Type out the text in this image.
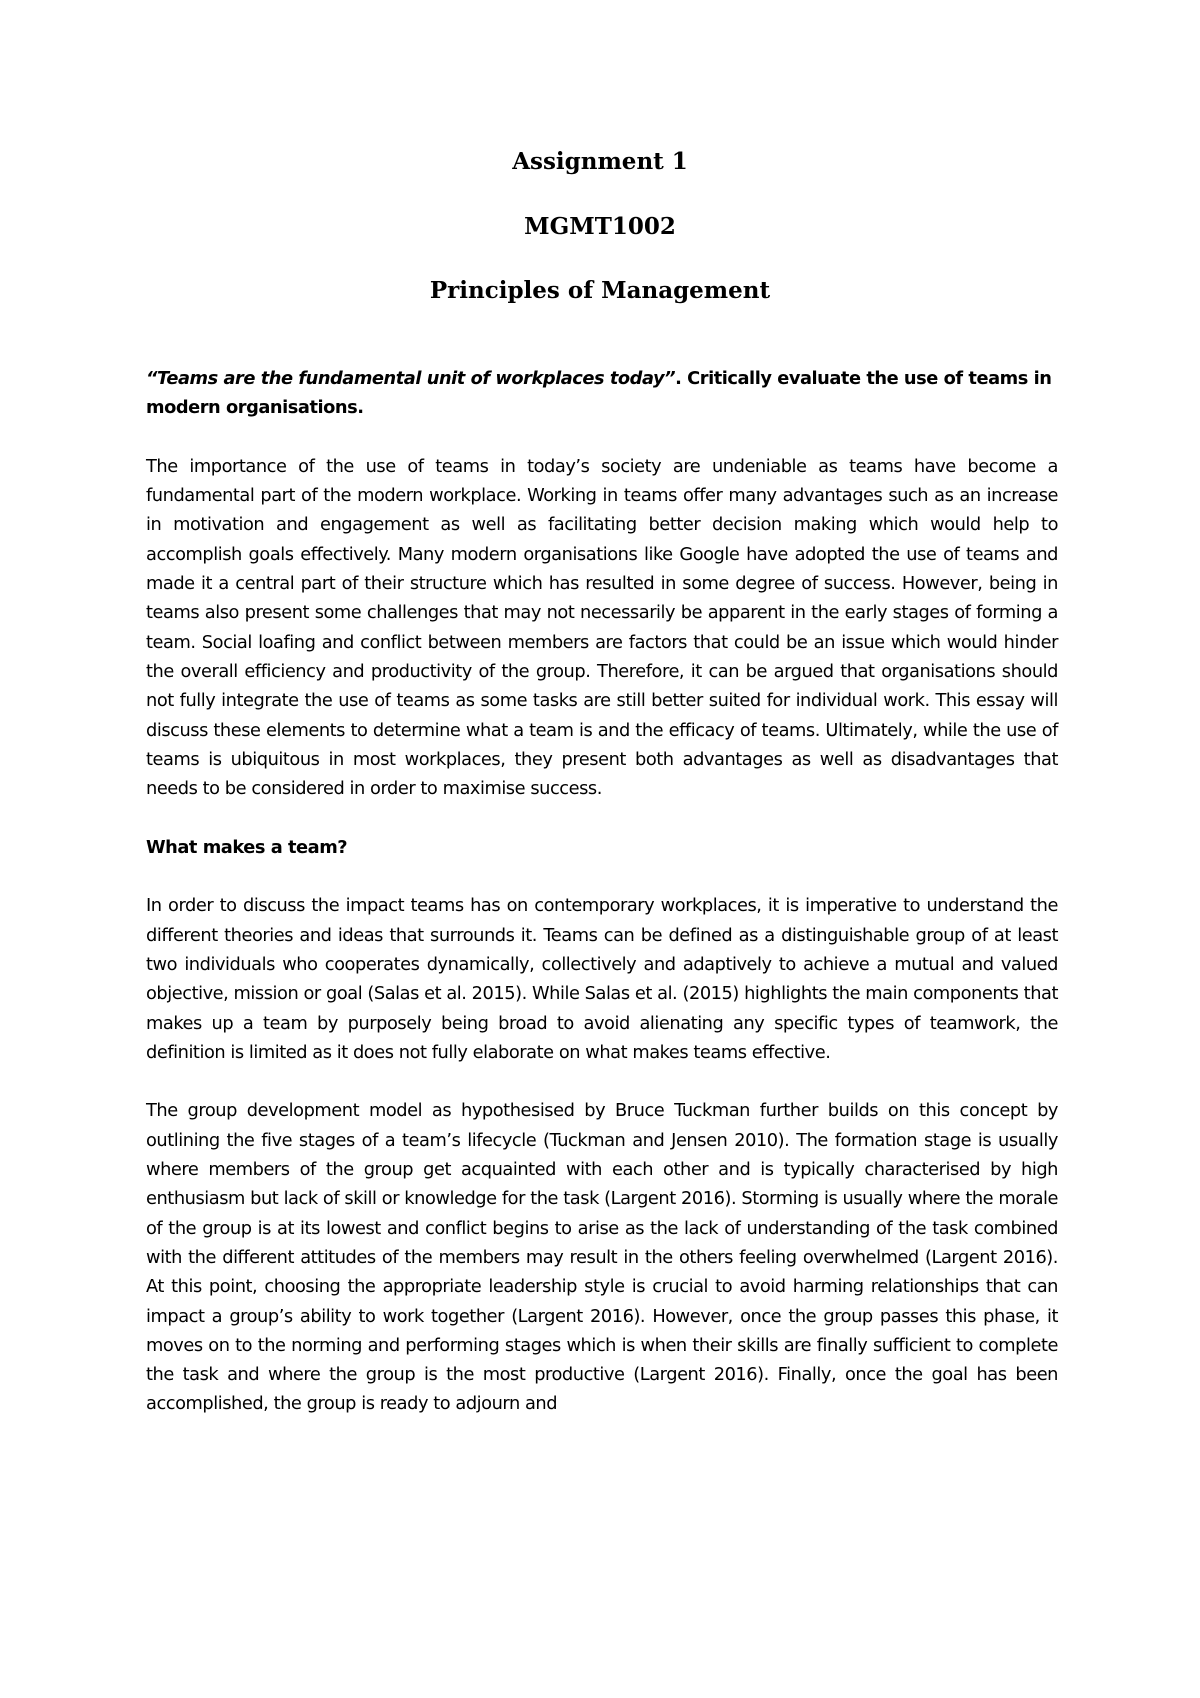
Assignment 1
MGMT1002
Principles of Management

“Teams are the fundamental unit of workplaces today”. Critically evaluate the use of teams in modern organisations.

The importance of the use of teams in today’s society are undeniable as teams have become a fundamental part of the modern workplace. Working in teams offer many advantages such as an increase in motivation and engagement as well as facilitating better decision making which would help to accomplish goals effectively. Many modern organisations like Google have adopted the use of teams and made it a central part of their structure which has resulted in some degree of success. However, being in teams also present some challenges that may not necessarily be apparent in the early stages of forming a team. Social loafing and conflict between members are factors that could be an issue which would hinder the overall efficiency and productivity of the group. Therefore, it can be argued that organisations should not fully integrate the use of teams as some tasks are still better suited for individual work. This essay will discuss these elements to determine what a team is and the efficacy of teams. Ultimately, while the use of teams is ubiquitous in most workplaces, they present both advantages as well as disadvantages that needs to be considered in order to maximise success.

What makes a team?

In order to discuss the impact teams has on contemporary workplaces, it is imperative to understand the different theories and ideas that surrounds it. Teams can be defined as a distinguishable group of at least two individuals who cooperates dynamically, collectively and adaptively to achieve a mutual and valued objective, mission or goal (Salas et al. 2015). While Salas et al. (2015) highlights the main components that makes up a team by purposely being broad to avoid alienating any specific types of teamwork, the definition is limited as it does not fully elaborate on what makes teams effective.

The group development model as hypothesised by Bruce Tuckman further builds on this concept by outlining the five stages of a team’s lifecycle (Tuckman and Jensen 2010). The formation stage is usually where members of the group get acquainted with each other and is typically characterised by high enthusiasm but lack of skill or knowledge for the task (Largent 2016). Storming is usually where the morale of the group is at its lowest and conflict begins to arise as the lack of understanding of the task combined with the different attitudes of the members may result in the others feeling overwhelmed (Largent 2016). At this point, choosing the appropriate leadership style is crucial to avoid harming relationships that can impact a group’s ability to work together (Largent 2016). However, once the group passes this phase, it moves on to the norming and performing stages which is when their skills are finally sufficient to complete the task and where the group is the most productive (Largent 2016). Finally, once the goal has been accomplished, the group is ready to adjourn and
